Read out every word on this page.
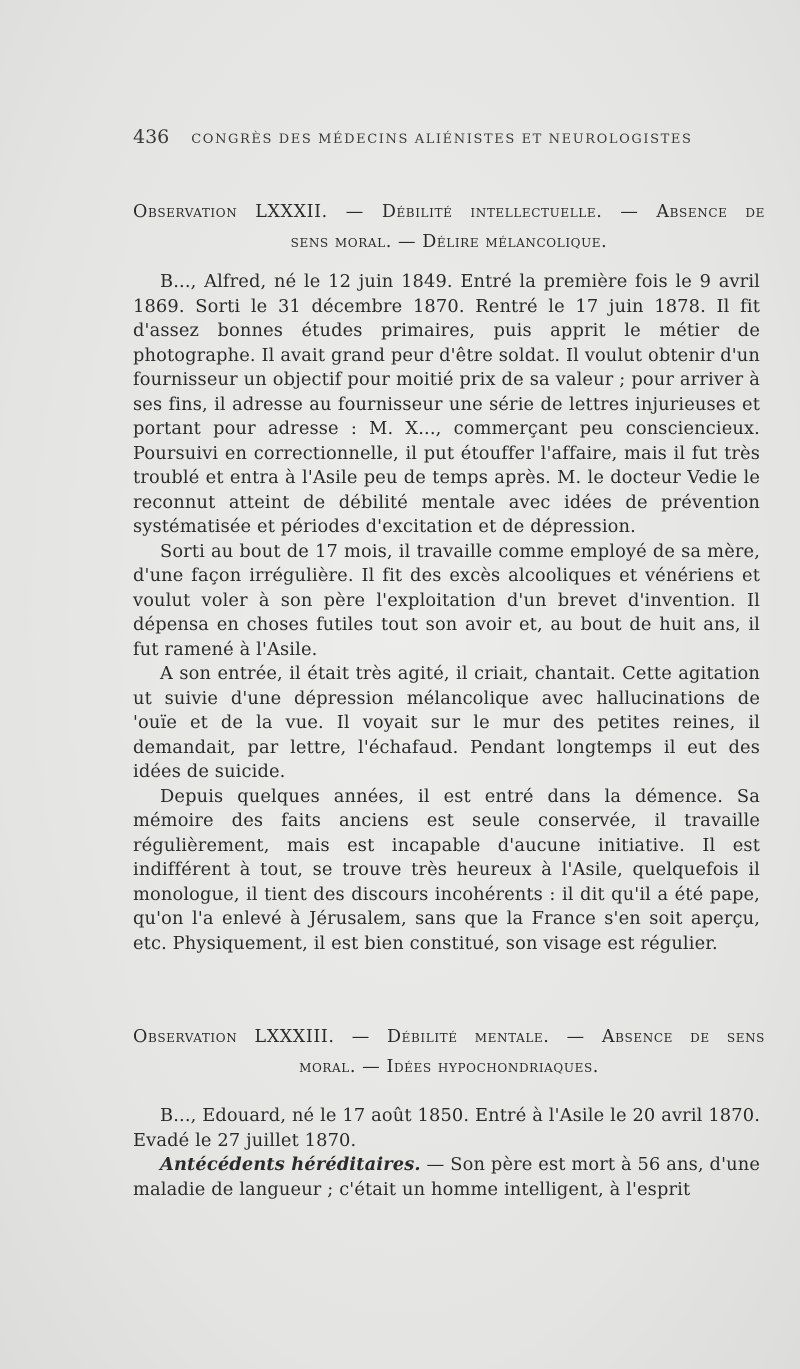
436 CONGRÈS DES MÉDECINS ALIÉNISTES ET NEUROLOGISTES
Observation LXXXII. — Débilité intellectuelle. — Absence de
sens moral. — Délire mélancolique.

B..., Alfred, né le 12 juin 1849. Entré la première fois le 9 avril 1869. Sorti le 31 décembre 1870. Rentré le 17 juin 1878. Il fit d'assez bonnes études primaires, puis apprit le métier de photographe. Il avait grand peur d'être soldat. Il voulut obtenir d'un fournisseur un objectif pour moitié prix de sa valeur ; pour arriver à ses fins, il adresse au fournisseur une série de lettres injurieuses et portant pour adresse : M. X..., commerçant peu consciencieux. Poursuivi en correctionnelle, il put étouffer l'affaire, mais il fut très troublé et entra à l'Asile peu de temps après. M. le docteur Vedie le reconnut atteint de débilité mentale avec idées de prévention systématisée et périodes d'excitation et de dépression.

Sorti au bout de 17 mois, il travaille comme employé de sa mère, d'une façon irrégulière. Il fit des excès alcooliques et vénériens et voulut voler à son père l'exploitation d'un brevet d'invention. Il dépensa en choses futiles tout son avoir et, au bout de huit ans, il fut ramené à l'Asile.

A son entrée, il était très agité, il criait, chantait. Cette agitation ut suivie d'une dépression mélancolique avec hallucinations de 'ouïe et de la vue. Il voyait sur le mur des petites reines, il demandait, par lettre, l'échafaud. Pendant longtemps il eut des idées de suicide.

Depuis quelques années, il est entré dans la démence. Sa mémoire des faits anciens est seule conservée, il travaille régulièrement, mais est incapable d'aucune initiative. Il est indifférent à tout, se trouve très heureux à l'Asile, quelquefois il monologue, il tient des discours incohérents : il dit qu'il a été pape, qu'on l'a enlevé à Jérusalem, sans que la France s'en soit aperçu, etc. Physiquement, il est bien constitué, son visage est régulier.

Observation LXXXIII. — Débilité mentale. — Absence de sens
moral. — Idées hypochondriaques.

B..., Edouard, né le 17 août 1850. Entré à l'Asile le 20 avril 1870. Evadé le 27 juillet 1870.

Antécédents héréditaires. — Son père est mort à 56 ans, d'une maladie de langueur ; c'était un homme intelligent, à l'esprit
